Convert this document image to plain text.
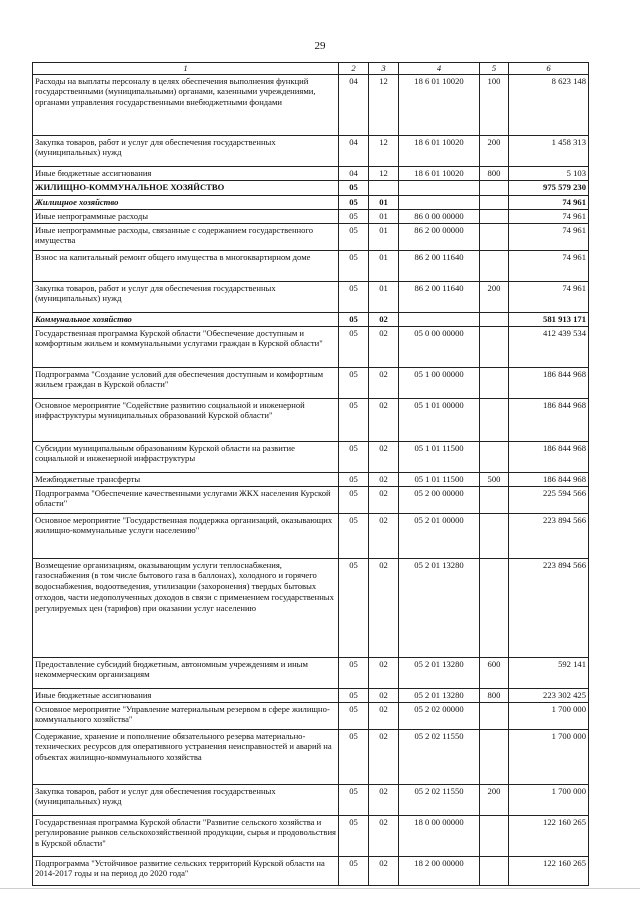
29
1	2	3	4	5	6
Расходы на выплаты персоналу в целях обеспечения выполнения функций государственными (муниципальными) органами, казенными учреждениями, органами управления государственными внебюджетными фондами	04	12	18 6 01 10020	100	8 623 148
Закупка товаров, работ и услуг для обеспечения государственных (муниципальных) нужд	04	12	18 6 01 10020	200	1 458 313
Иные бюджетные ассигнования	04	12	18 6 01 10020	800	5 103
ЖИЛИЩНО-КОММУНАЛЬНОЕ ХОЗЯЙСТВО	05				975 579 230
Жилищное хозяйство	05	01			74 961
Иные непрограммные расходы	05	01	86 0 00 00000		74 961
Иные непрограммные расходы, связанные с содержанием государственного имущества	05	01	86 2 00 00000		74 961
Взнос на капитальный ремонт общего имущества в многоквартирном доме	05	01	86 2 00 11640		74 961
Закупка товаров, работ и услуг для обеспечения государственных (муниципальных) нужд	05	01	86 2 00 11640	200	74 961
Коммунальное хозяйство	05	02			581 913 171
Государственная программа Курской области "Обеспечение доступным и комфортным жильем и коммунальными услугами граждан в Курской области"	05	02	05 0 00 00000		412 439 534
Подпрограмма "Создание условий для обеспечения доступным и комфортным жильем граждан в Курской области"	05	02	05 1 00 00000		186 844 968
Основное мероприятие "Содействие развитию социальной и инженерной инфраструктуры муниципальных образований Курской области"	05	02	05 1 01 00000		186 844 968
Субсидии муниципальным образованиям Курской области на развитие социальной и инженерной инфраструктуры	05	02	05 1 01 11500		186 844 968
Межбюджетные трансферты	05	02	05 1 01 11500	500	186 844 968
Подпрограмма "Обеспечение качественными услугами ЖКХ населения Курской области"	05	02	05 2 00 00000		225 594 566
Основное мероприятие "Государственная поддержка организаций, оказывающих жилищно-коммунальные услуги населению"	05	02	05 2 01 00000		223 894 566
Возмещение организациям, оказывающим услуги теплоснабжения, газоснабжения (в том числе бытового газа в баллонах), холодного и горячего водоснабжения, водоотведения, утилизации (захоронения) твердых бытовых отходов, части недополученных доходов в связи с применением государственных регулируемых цен (тарифов) при оказании услуг населению	05	02	05 2 01 13280		223 894 566
Предоставление субсидий бюджетным, автономным учреждениям и иным некоммерческим организациям	05	02	05 2 01 13280	600	592 141
Иные бюджетные ассигнования	05	02	05 2 01 13280	800	223 302 425
Основное мероприятие "Управление материальным резервом в сфере жилищно-коммунального хозяйства"	05	02	05 2 02 00000		1 700 000
Содержание, хранение и пополнение обязательного резерва материально-технических ресурсов для оперативного устранения неисправностей и аварий на объектах жилищно-коммунального хозяйства	05	02	05 2 02 11550		1 700 000
Закупка товаров, работ и услуг для обеспечения государственных (муниципальных) нужд	05	02	05 2 02 11550	200	1 700 000
Государственная программа Курской области "Развитие сельского хозяйства и регулирование рынков сельскохозяйственной продукции, сырья и продовольствия в Курской области"	05	02	18 0 00 00000		122 160 265
Подпрограмма "Устойчивое развитие сельских территорий Курской области на 2014-2017 годы и на период до 2020 года"	05	02	18 2 00 00000		122 160 265
